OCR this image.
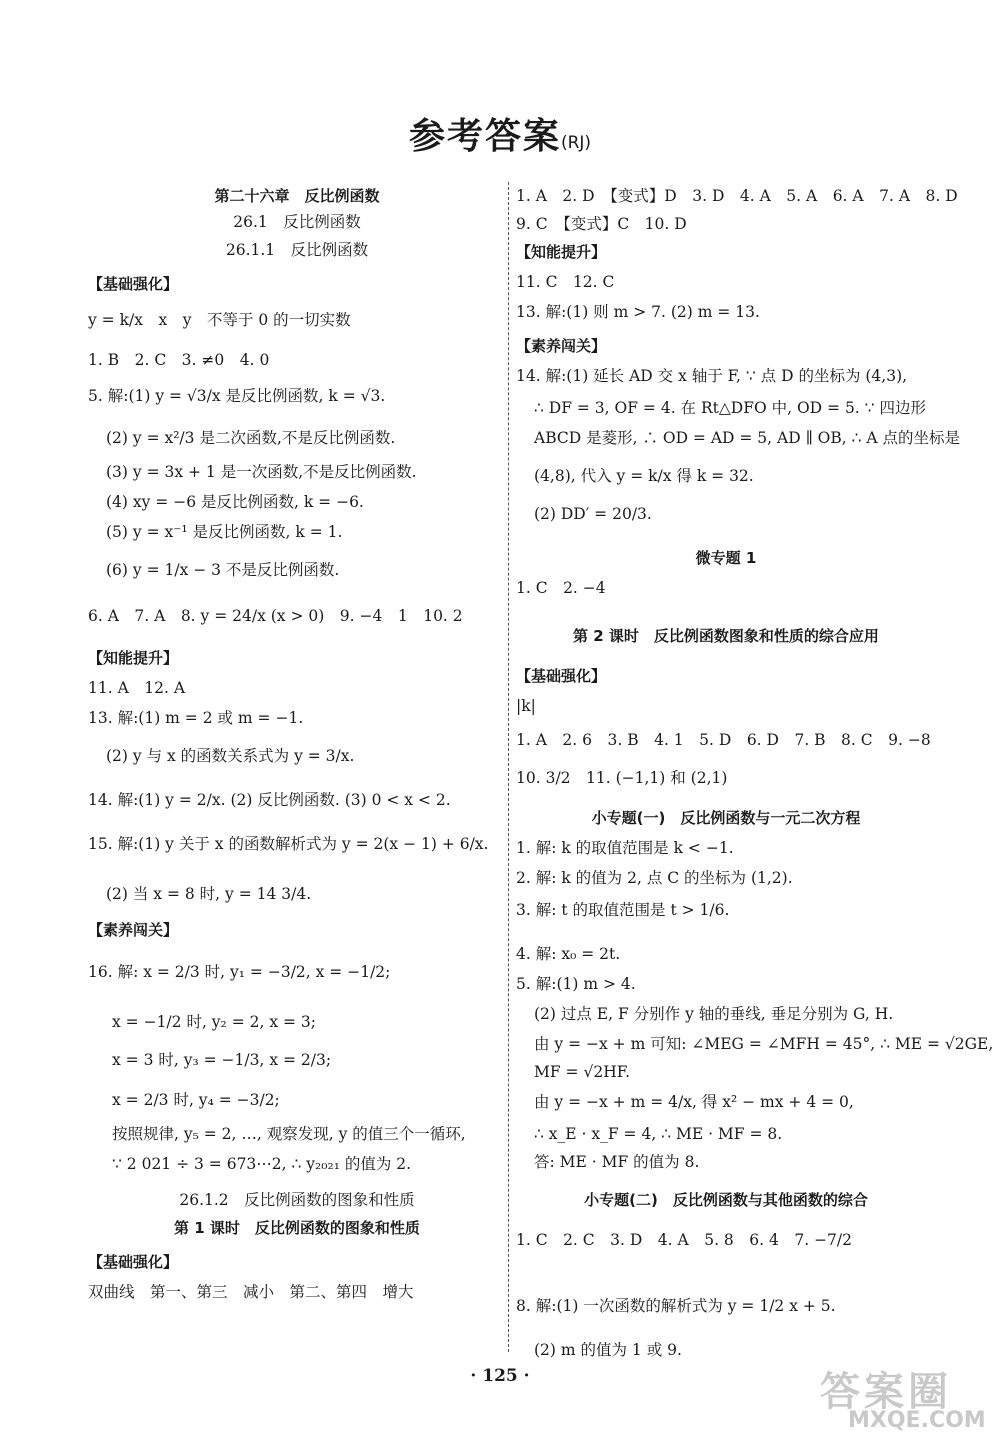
参考答案(RJ)
第二十六章　反比例函数
26.1　反比例函数
26.1.1　反比例函数
【基础强化】
y = k/x　x　y　不等于 0 的一切实数
1. B　2. C　3. ≠0　4. 0
5. 解:(1) y = √3/x 是反比例函数, k = √3.
(2) y = x²/3 是二次函数,不是反比例函数.
(3) y = 3x + 1 是一次函数,不是反比例函数.
(4) xy = −6 是反比例函数, k = −6.
(5) y = x⁻¹ 是反比例函数, k = 1.
(6) y = 1/x − 3 不是反比例函数.
6. A　7. A　8. y = 24/x (x > 0)　9. −4　1　10. 2
【知能提升】
11. A　12. A
13. 解:(1) m = 2 或 m = −1.
(2) y 与 x 的函数关系式为 y = 3/x.
14. 解:(1) y = 2/x. (2) 反比例函数. (3) 0 < x < 2.
15. 解:(1) y 关于 x 的函数解析式为 y = 2(x − 1) + 6/x.
(2) 当 x = 8 时, y = 14 3/4.
【素养闯关】
16. 解: x = 2/3 时, y₁ = −3/2, x = −1/2;
x = −1/2 时, y₂ = 2, x = 3;
x = 3 时, y₃ = −1/3, x = 2/3;
x = 2/3 时, y₄ = −3/2;
按照规律, y₅ = 2, …, 观察发现, y 的值三个一循环,
∵ 2 021 ÷ 3 = 673⋯2, ∴ y₂₀₂₁ 的值为 2.
26.1.2　反比例函数的图象和性质
第 1 课时　反比例函数的图象和性质
【基础强化】
双曲线　第一、第三　减小　第二、第四　增大
1. A　2. D　【变式】D　3. D　4. A　5. A　6. A　7. A　8. D
9. C　【变式】C　10. D
【知能提升】
11. C　12. C
13. 解:(1) 则 m > 7. (2) m = 13.
【素养闯关】
14. 解:(1) 延长 AD 交 x 轴于 F, ∵ 点 D 的坐标为 (4,3),
∴ DF = 3, OF = 4. 在 Rt△DFO 中, OD = 5. ∵ 四边形
ABCD 是菱形, ∴ OD = AD = 5, AD ∥ OB, ∴ A 点的坐标是
(4,8), 代入 y = k/x 得 k = 32.
(2) DD′ = 20/3.
微专题 1
1. C　2. −4
第 2 课时　反比例函数图象和性质的综合应用
【基础强化】
|k|
1. A　2. 6　3. B　4. 1　5. D　6. D　7. B　8. C　9. −8
10. 3/2　11. (−1,1) 和 (2,1)
小专题(一)　反比例函数与一元二次方程
1. 解: k 的取值范围是 k < −1.
2. 解: k 的值为 2, 点 C 的坐标为 (1,2).
3. 解: t 的取值范围是 t > 1/6.
4. 解: x₀ = 2t.
5. 解:(1) m > 4.
(2) 过点 E, F 分别作 y 轴的垂线, 垂足分别为 G, H.
由 y = −x + m 可知: ∠MEG = ∠MFH = 45°, ∴ ME = √2GE,
MF = √2HF.
由 y = −x + m = 4/x, 得 x² − mx + 4 = 0,
∴ x_E · x_F = 4, ∴ ME · MF = 8.
答: ME · MF 的值为 8.
小专题(二)　反比例函数与其他函数的综合
1. C　2. C　3. D　4. A　5. 8　6. 4　7. −7/2
8. 解:(1) 一次函数的解析式为 y = 1/2 x + 5.
(2) m 的值为 1 或 9.
· 125 ·	答案圈
MXQE.COM
